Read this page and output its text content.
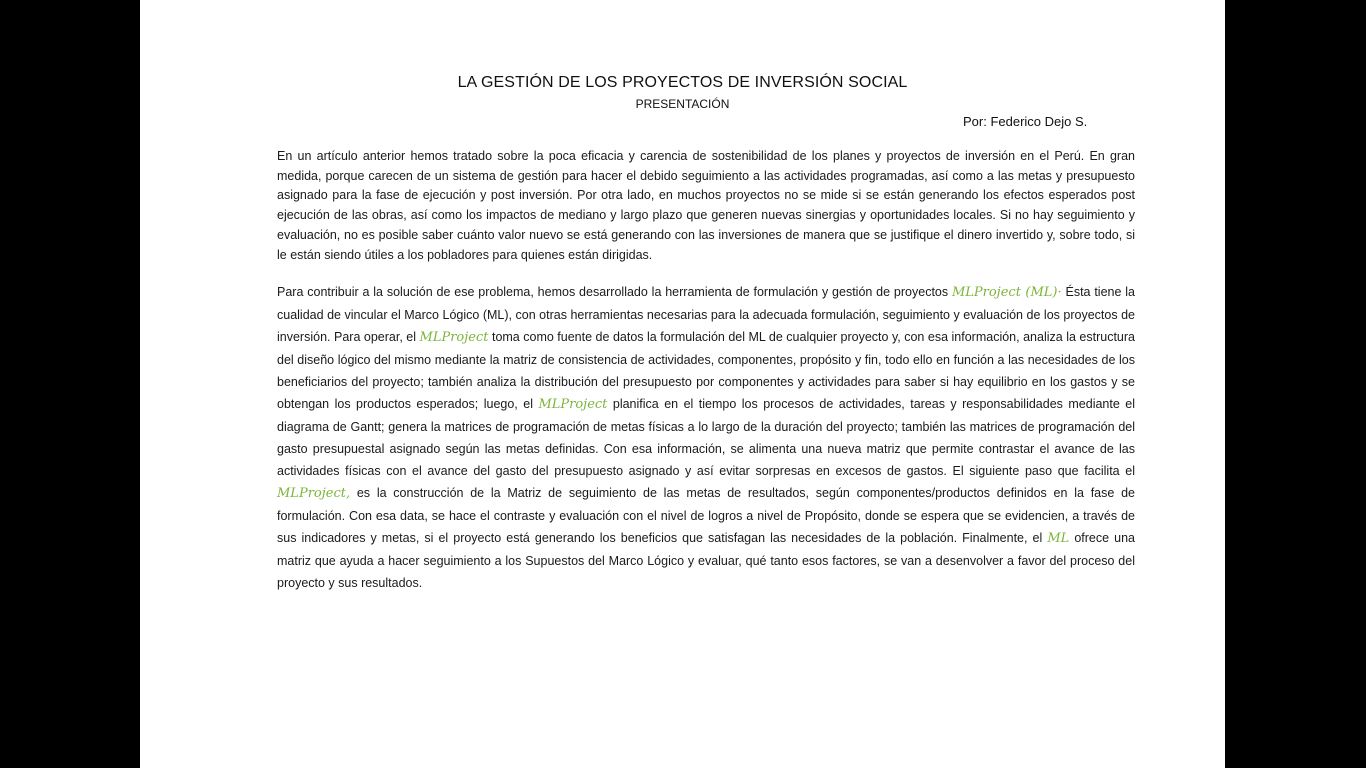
LA GESTIÓN DE LOS PROYECTOS DE INVERSIÓN SOCIAL
PRESENTACIÓN
Por: Federico Dejo S.

En un artículo anterior hemos tratado sobre la poca eficacia y carencia de sostenibilidad de los planes y proyectos de inversión en el Perú. En gran medida, porque carecen de un sistema de gestión para hacer el debido seguimiento a las actividades programadas, así como a las metas y presupuesto asignado para la fase de ejecución y post inversión. Por otra lado, en muchos proyectos no se mide si se están generando los efectos esperados post ejecución de las obras, así como los impactos de mediano y largo plazo que generen nuevas sinergias y oportunidades locales. Si no hay seguimiento y evaluación, no es posible saber cuánto valor nuevo se está generando con las inversiones de manera que se justifique el dinero invertido y, sobre todo, si le están siendo útiles a los pobladores para quienes están dirigidas.

Para contribuir a la solución de ese problema, hemos desarrollado la herramienta de formulación y gestión de proyectos MLProject (ML)· Ésta tiene la cualidad de vincular el Marco Lógico (ML), con otras herramientas necesarias para la adecuada formulación, seguimiento y evaluación de los proyectos de inversión. Para operar, el MLProject toma como fuente de datos la formulación del ML de cualquier proyecto y, con esa información, analiza la estructura del diseño lógico del mismo mediante la matriz de consistencia de actividades, componentes, propósito y fin, todo ello en función a las necesidades de los beneficiarios del proyecto; también analiza la distribución del presupuesto por componentes y actividades para saber si hay equilibrio en los gastos y se obtengan los productos esperados; luego, el MLProject planifica en el tiempo los procesos de actividades, tareas y responsabilidades mediante el diagrama de Gantt; genera la matrices de programación de metas físicas a lo largo de la duración del proyecto; también las matrices de programación del gasto presupuestal asignado según las metas definidas. Con esa información, se alimenta una nueva matriz que permite contrastar el avance de las actividades físicas con el avance del gasto del presupuesto asignado y así evitar sorpresas en excesos de gastos. El siguiente paso que facilita el MLProject, es la construcción de la Matriz de seguimiento de las metas de resultados, según componentes/productos definidos en la fase de formulación. Con esa data, se hace el contraste y evaluación con el nivel de logros a nivel de Propósito, donde se espera que se evidencien, a través de sus indicadores y metas, si el proyecto está generando los beneficios que satisfagan las necesidades de la población. Finalmente, el ML ofrece una matriz que ayuda a hacer seguimiento a los Supuestos del Marco Lógico y evaluar, qué tanto esos factores, se van a desenvolver a favor del proceso del proyecto y sus resultados.
